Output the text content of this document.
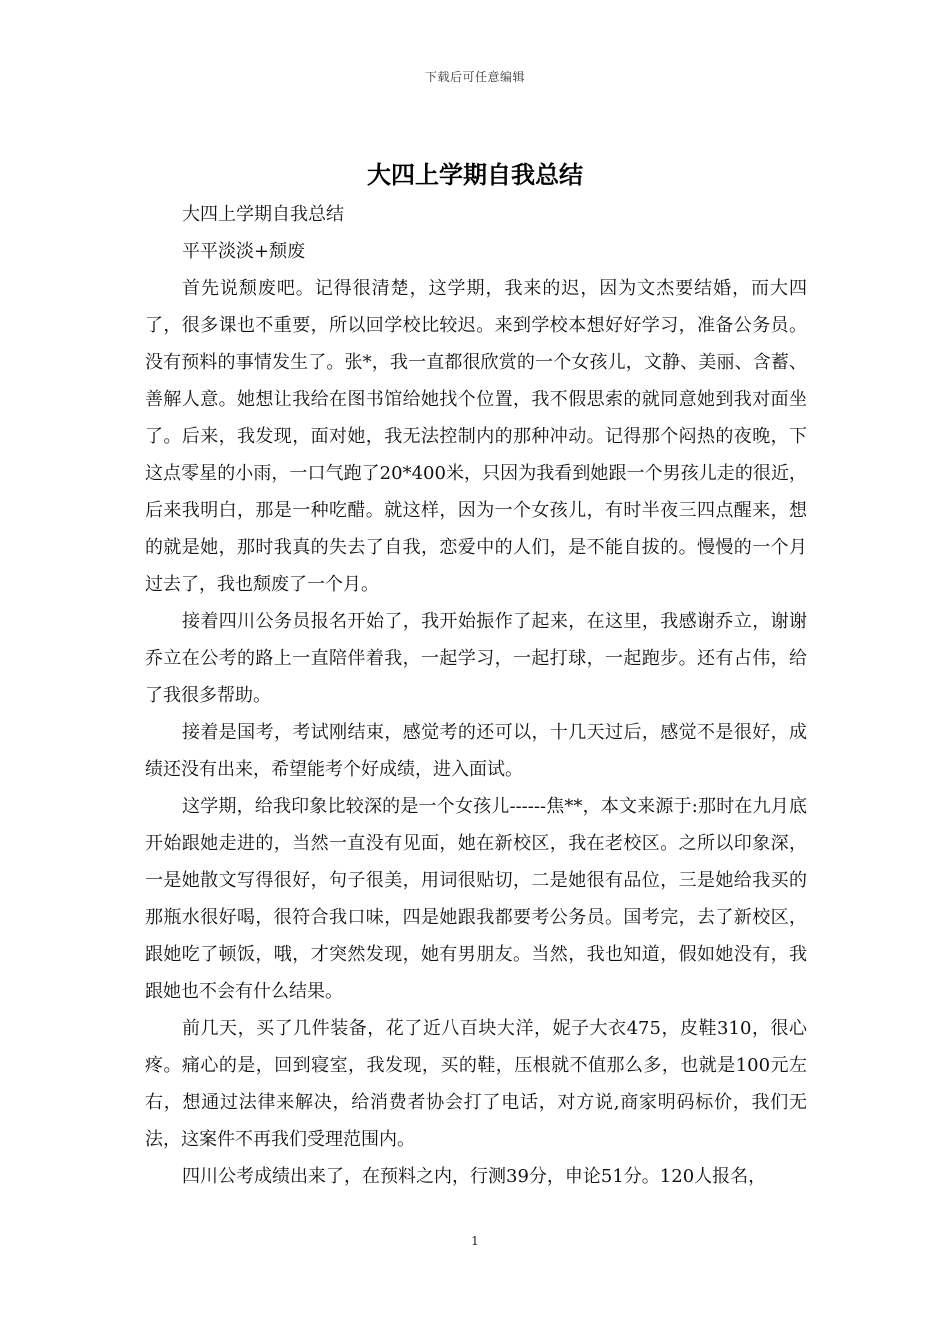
下载后可任意编辑
大四上学期自我总结

大四上学期自我总结

平平淡淡+颓废

首先说颓废吧。记得很清楚，这学期，我来的迟，因为文杰要结婚，而大四了，很多课也不重要，所以回学校比较迟。来到学校本想好好学习，准备公务员。没有预料的事情发生了。张*，我一直都很欣赏的一个女孩儿，文静、美丽、含蓄、善解人意。她想让我给在图书馆给她找个位置，我不假思索的就同意她到我对面坐了。后来，我发现，面对她，我无法控制内的那种冲动。记得那个闷热的夜晚，下这点零星的小雨，一口气跑了20*400米，只因为我看到她跟一个男孩儿走的很近，后来我明白，那是一种吃醋。就这样，因为一个女孩儿，有时半夜三四点醒来，想的就是她，那时我真的失去了自我，恋爱中的人们，是不能自拔的。慢慢的一个月过去了，我也颓废了一个月。

接着四川公务员报名开始了，我开始振作了起来，在这里，我感谢乔立，谢谢乔立在公考的路上一直陪伴着我，一起学习，一起打球，一起跑步。还有占伟，给了我很多帮助。

接着是国考，考试刚结束，感觉考的还可以，十几天过后，感觉不是很好，成绩还没有出来，希望能考个好成绩，进入面试。

这学期，给我印象比较深的是一个女孩儿------焦**，本文来源于:那时在九月底开始跟她走进的，当然一直没有见面，她在新校区，我在老校区。之所以印象深，一是她散文写得很好，句子很美，用词很贴切，二是她很有品位，三是她给我买的那瓶水很好喝，很符合我口味，四是她跟我都要考公务员。国考完，去了新校区，跟她吃了顿饭，哦，才突然发现，她有男朋友。当然，我也知道，假如她没有，我跟她也不会有什么结果。

前几天，买了几件装备，花了近八百块大洋，妮子大衣475，皮鞋310，很心疼。痛心的是，回到寝室，我发现，买的鞋，压根就不值那么多，也就是100元左右，想通过法律来解决，给消费者协会打了电话，对方说,商家明码标价，我们无法，这案件不再我们受理范围内。

四川公考成绩出来了，在预料之内，行测39分，申论51分。120人报名，

1
